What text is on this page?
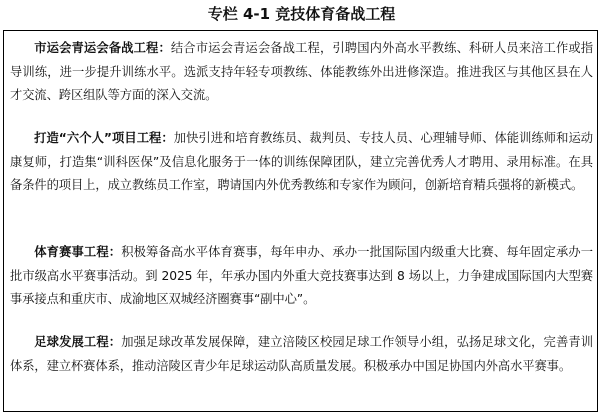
专栏 4-1 竞技体育备战工程
市运会青运会备战工程：结合市运会青运会备战工程，引聘国内外高水平教练、科研人员来涪工作或指导训练，进一步提升训练水平。选派支持年轻专项教练、体能教练外出进修深造。推进我区与其他区县在人才交流、跨区组队等方面的深入交流。
打造“六个人”项目工程：加快引进和培育教练员、裁判员、专技人员、心理辅导师、体能训练师和运动康复师，打造集“训科医保”及信息化服务于一体的训练保障团队，建立完善优秀人才聘用、录用标准。在具备条件的项目上，成立教练员工作室，聘请国内外优秀教练和专家作为顾问，创新培育精兵强将的新模式。
体育赛事工程：积极筹备高水平体育赛事，每年申办、承办一批国际国内级重大比赛、每年固定承办一批市级高水平赛事活动。到 2025 年，年承办国内外重大竞技赛事达到 8 场以上，力争建成国际国内大型赛事承接点和重庆市、成渝地区双城经济圈赛事“副中心”。
足球发展工程：加强足球改革发展保障，建立涪陵区校园足球工作领导小组，弘扬足球文化，完善青训体系，建立杯赛体系，推动涪陵区青少年足球运动队高质量发展。积极承办中国足协国内外高水平赛事。
